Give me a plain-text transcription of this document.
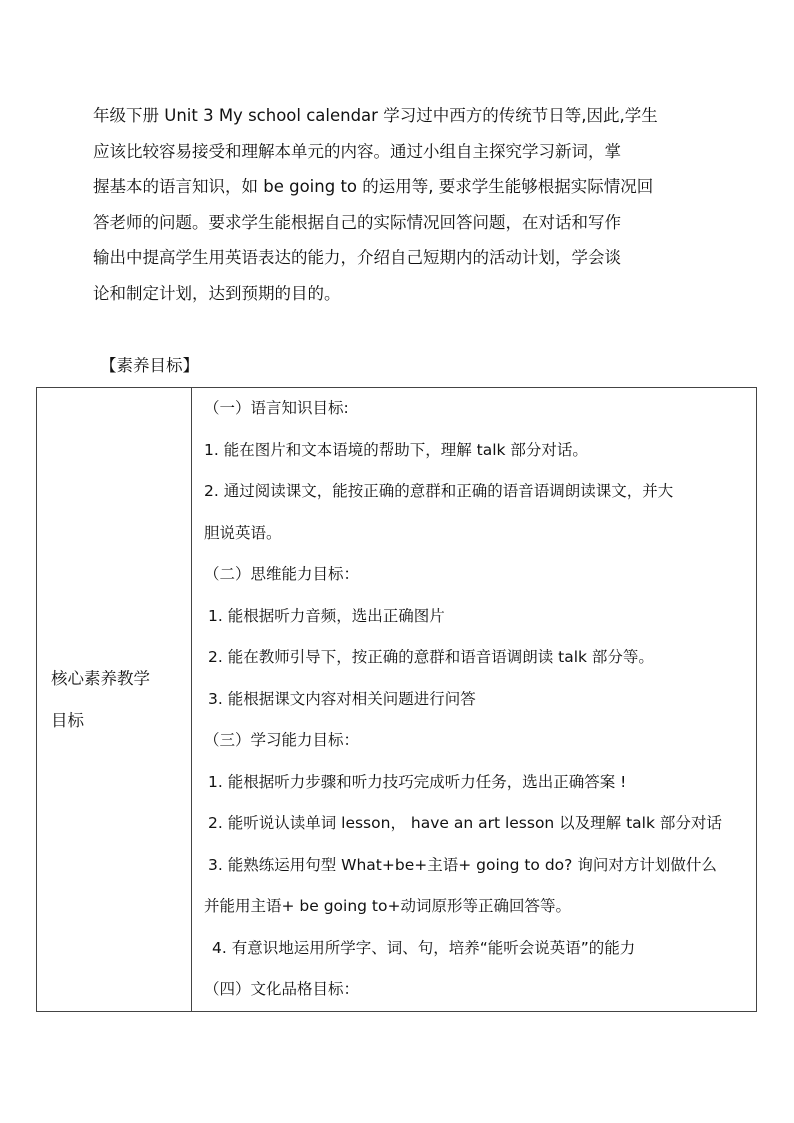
年级下册 Unit 3 My school calendar 学习过中西方的传统节日等,因此,学生
应该比较容易接受和理解本单元的内容。通过小组自主探究学习新词，掌
握基本的语言知识，如 be going to 的运用等, 要求学生能够根据实际情况回
答老师的问题。要求学生能根据自己的实际情况回答问题，在对话和写作
输出中提高学生用英语表达的能力，介绍自己短期内的活动计划，学会谈
论和制定计划，达到预期的目的。
【素养目标】
核心素养教学
目标

（一）语言知识目标:
1. 能在图片和文本语境的帮助下，理解 talk 部分对话。
2. 通过阅读课文，能按正确的意群和正确的语音语调朗读课文，并大
胆说英语。
（二）思维能力目标：
1. 能根据听力音频，选出正确图片
2. 能在教师引导下，按正确的意群和语音语调朗读 talk 部分等。
3. 能根据课文内容对相关问题进行问答
（三）学习能力目标：
1. 能根据听力步骤和听力技巧完成听力任务，选出正确答案 !
2. 能听说认读单词 lesson， have an art lesson 以及理解 talk 部分对话
3. 能熟练运用句型 What+be+主语+ going to do? 询问对方计划做什么
并能用主语+ be going to+动词原形等正确回答等。
4. 有意识地运用所学字、词、句，培养“能听会说英语”的能力
（四）文化品格目标：
